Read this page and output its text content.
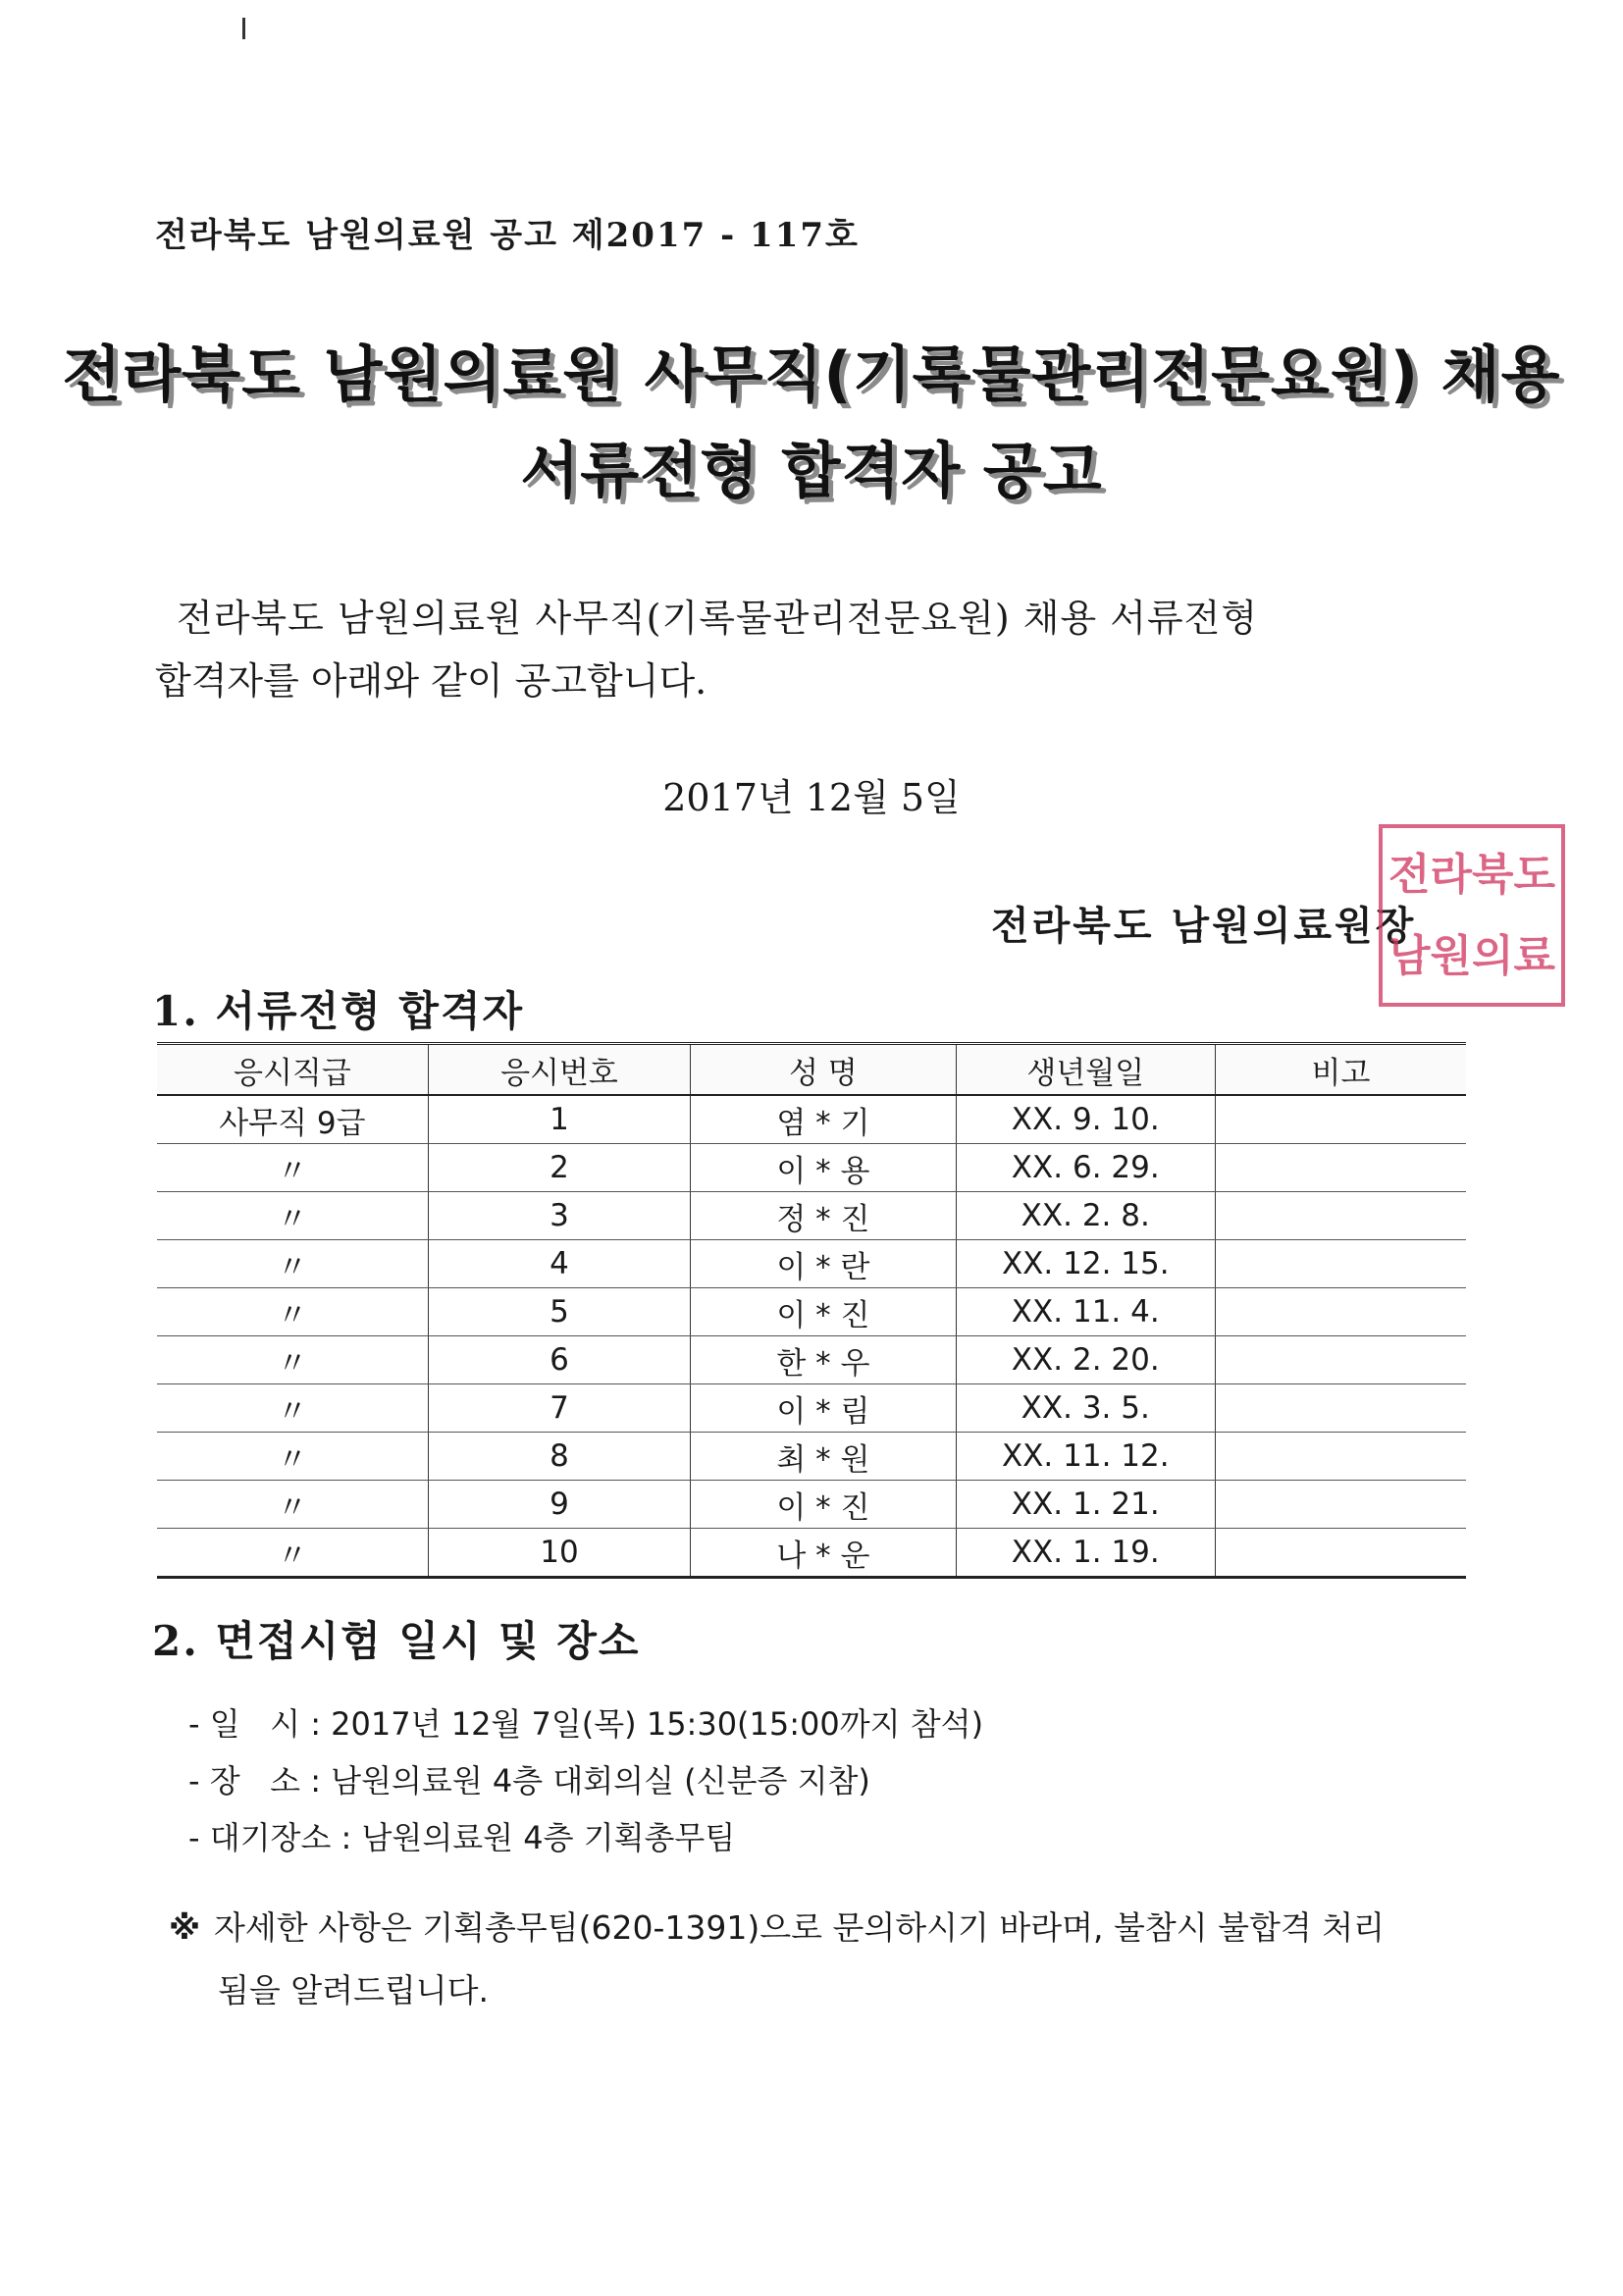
전라북도 남원의료원 공고 제2017 - 117호
전라북도 남원의료원 사무직(기록물관리전문요원) 채용
서류전형 합격자 공고
전라북도 남원의료원 사무직(기록물관리전문요원) 채용 서류전형
합격자를 아래와 같이 공고합니다.
2017년 12월 5일
전라북도 남원의료원장
전 라 북 도
남 원 의 료
1. 서류전형 합격자
응시직급	응시번호	성 명	생년월일	비고
사무직 9급	1	염 * 기	XX. 9. 10.	
〃	2	이 * 용	XX. 6. 29.	
〃	3	정 * 진	XX. 2. 8.	
〃	4	이 * 란	XX. 12. 15.	
〃	5	이 * 진	XX. 11. 4.	
〃	6	한 * 우	XX. 2. 20.	
〃	7	이 * 림	XX. 3. 5.	
〃	8	최 * 원	XX. 11. 12.	
〃	9	이 * 진	XX. 1. 21.	
〃	10	나 * 운	XX. 1. 19.	
2. 면접시험 일시 및 장소
- 일   시 : 2017년 12월 7일(목) 15:30(15:00까지 참석)
- 장   소 : 남원의료원 4층 대회의실 (신분증 지참)
- 대기장소 : 남원의료원 4층 기획총무팀
※ 자세한 사항은 기획총무팀(620-1391)으로 문의하시기 바라며, 불참시 불합격 처리
됨을 알려드립니다.
